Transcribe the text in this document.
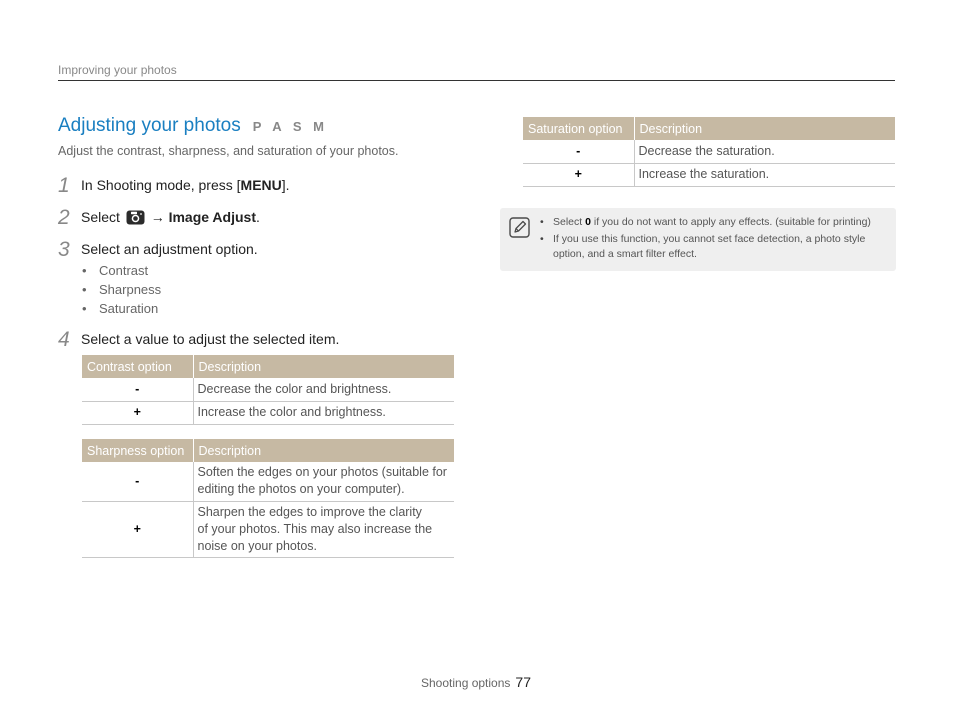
Improving your photos
Adjusting your photos P A S M
Adjust the contrast, sharpness, and saturation of your photos.
1 In Shooting mode, press [MENU].
2 Select → Image Adjust.
3 Select an adjustment option.
• Contrast
• Sharpness
• Saturation
4 Select a value to adjust the selected item.
Contrast option	Description
-	Decrease the color and brightness.
+	Increase the color and brightness.
Sharpness option	Description
-	Soften the edges on your photos (suitable for
editing the photos on your computer).
+	Sharpen the edges to improve the clarity
of your photos. This may also increase the
noise on your photos.
Saturation option	Description
-	Decrease the saturation.
+	Increase the saturation.
• Select 0 if you do not want to apply any effects. (suitable for printing)
• If you use this function, you cannot set face detection, a photo style option, and a smart filter effect.
Shooting options 77
